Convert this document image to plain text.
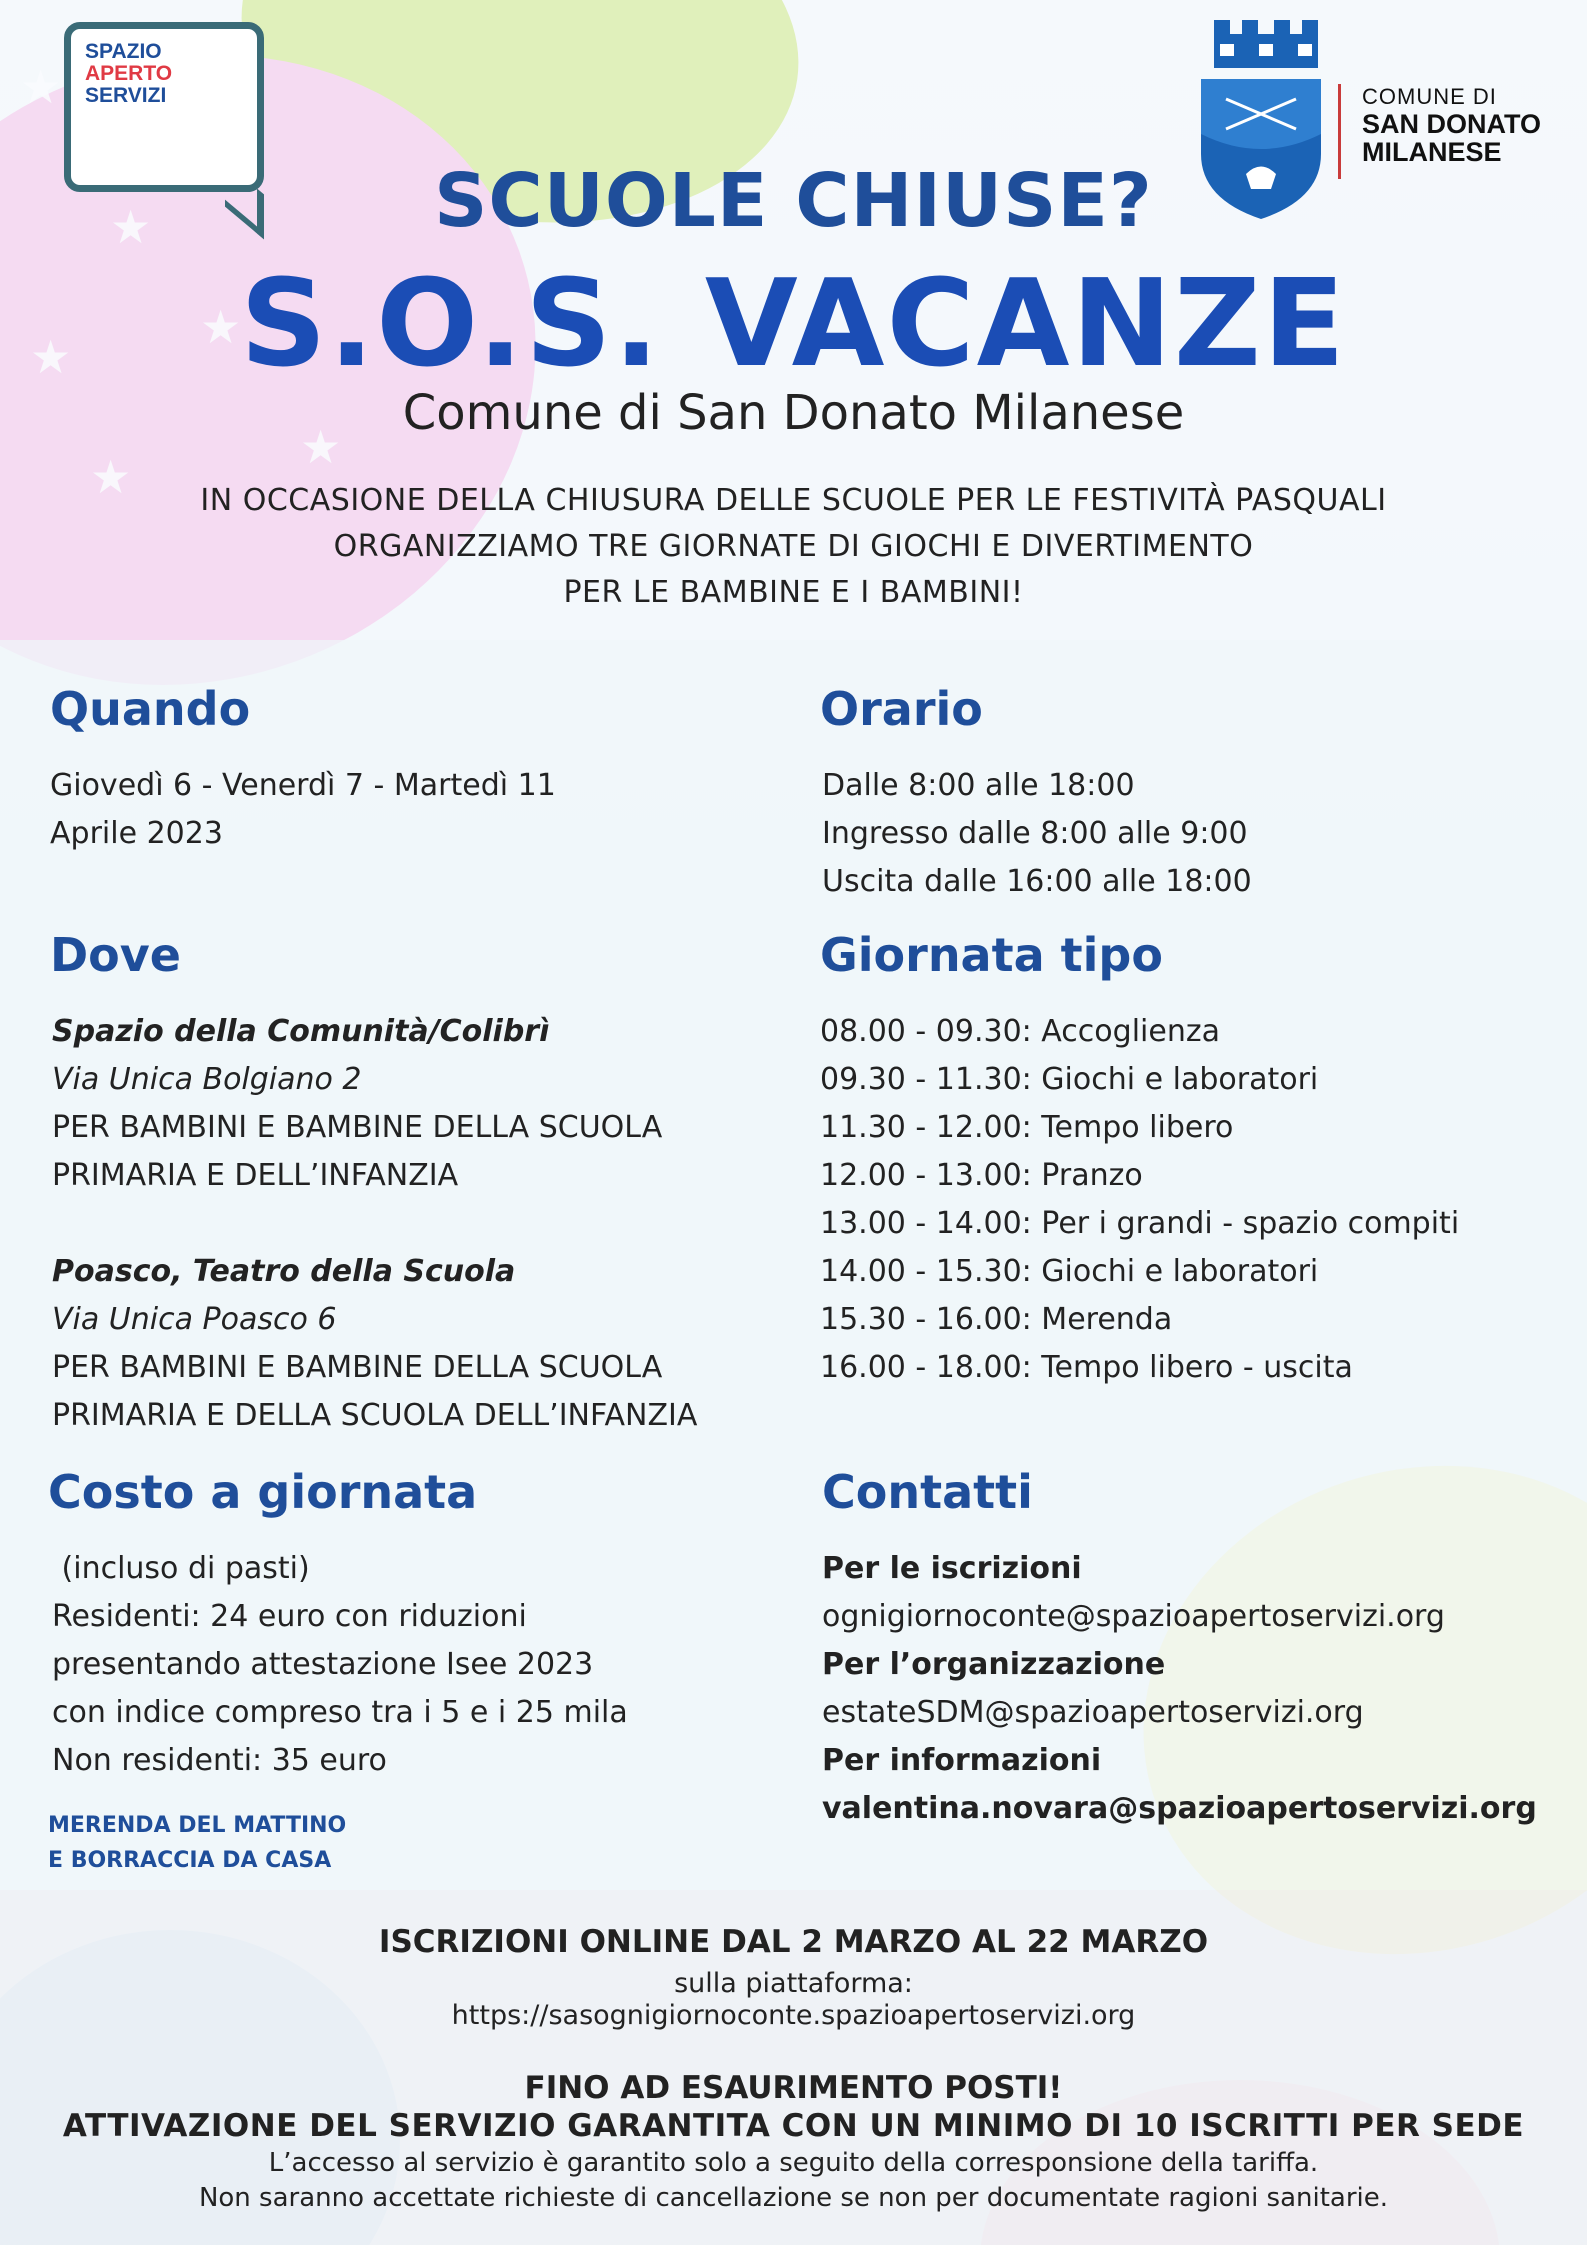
SPAZIO
APERTO
SERVIZI	COMUNE DI
SAN DONATO
MILANESE
SCUOLE CHIUSE?
S.O.S. VACANZE
Comune di San Donato Milanese
IN OCCASIONE DELLA CHIUSURA DELLE SCUOLE PER LE FESTIVITÀ PASQUALI
ORGANIZZIAMO TRE GIORNATE DI GIOCHI E DIVERTIMENTO
PER LE BAMBINE E I BAMBINI!
Quando
Giovedì 6 - Venerdì 7 - Martedì 11
Aprile 2023
Orario
Dalle 8:00 alle 18:00
Ingresso dalle 8:00 alle 9:00
Uscita dalle 16:00 alle 18:00
Dove
Spazio della Comunità/Colibrì
Via Unica Bolgiano 2
PER BAMBINI E BAMBINE DELLA SCUOLA
PRIMARIA E DELL’INFANZIA
Poasco, Teatro della Scuola
Via Unica Poasco 6
PER BAMBINI E BAMBINE DELLA SCUOLA
PRIMARIA E DELLA SCUOLA DELL’INFANZIA
Giornata tipo
08.00 - 09.30: Accoglienza
09.30 - 11.30: Giochi e laboratori
11.30 - 12.00: Tempo libero
12.00 - 13.00: Pranzo
13.00 - 14.00: Per i grandi - spazio compiti
14.00 - 15.30: Giochi e laboratori
15.30 - 16.00: Merenda
16.00 - 18.00: Tempo libero - uscita
Costo a giornata
(incluso di pasti)
Residenti: 24 euro con riduzioni
presentando attestazione Isee 2023
con indice compreso tra i 5 e i 25 mila
Non residenti: 35 euro
MERENDA DEL MATTINO
E BORRACCIA DA CASA
Contatti
Per le iscrizioni
ognigiornoconte@spazioapertoservizi.org
Per l’organizzazione
estateSDM@spazioapertoservizi.org
Per informazioni
valentina.novara@spazioapertoservizi.org
ISCRIZIONI ONLINE DAL 2 MARZO AL 22 MARZO
sulla piattaforma:
https://sasognigiornoconte.spazioapertoservizi.org
FINO AD ESAURIMENTO POSTI!
ATTIVAZIONE DEL SERVIZIO GARANTITA CON UN MINIMO DI 10 ISCRITTI PER SEDE
L’accesso al servizio è garantito solo a seguito della corresponsione della tariffa.
Non saranno accettate richieste di cancellazione se non per documentate ragioni sanitarie.
